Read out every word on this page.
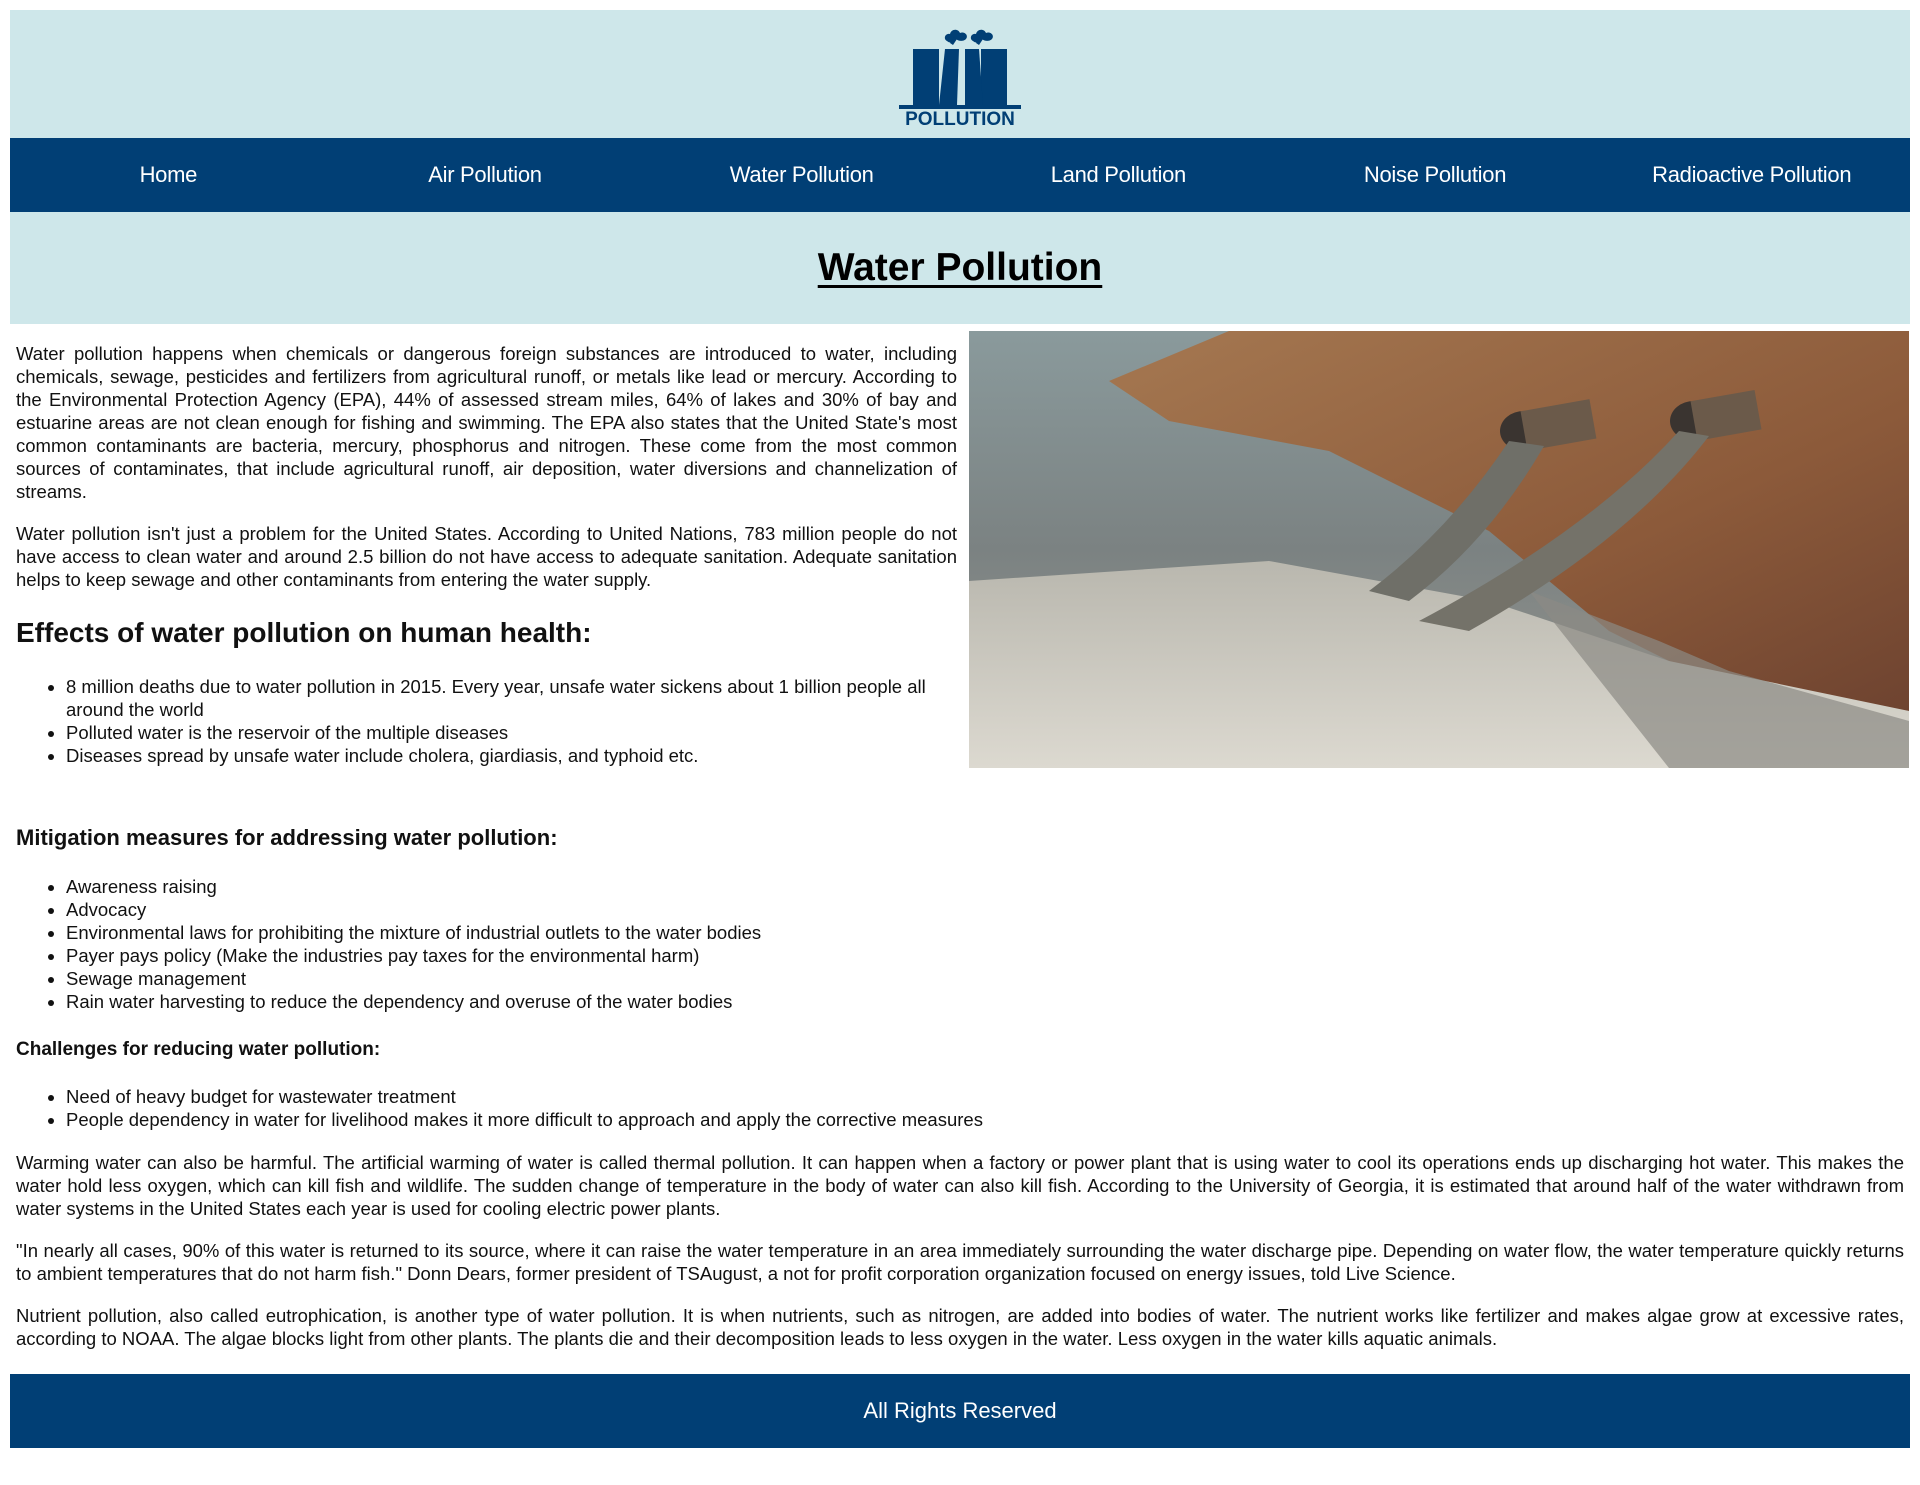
POLLUTION
Home	Air Pollution	Water Pollution	Land Pollution	Noise Pollution	Radioactive Pollution
Water Pollution

Water pollution happens when chemicals or dangerous foreign substances are introduced to water, including chemicals, sewage, pesticides and fertilizers from agricultural runoff, or metals like lead or mercury. According to the Environmental Protection Agency (EPA), 44% of assessed stream miles, 64% of lakes and 30% of bay and estuarine areas are not clean enough for fishing and swimming. The EPA also states that the United State's most common contaminants are bacteria, mercury, phosphorus and nitrogen. These come from the most common sources of contaminates, that include agricultural runoff, air deposition, water diversions and channelization of streams.

Water pollution isn't just a problem for the United States. According to United Nations, 783 million people do not have access to clean water and around 2.5 billion do not have access to adequate sanitation. Adequate sanitation helps to keep sewage and other contaminants from entering the water supply.

Effects of water pollution on human health:
• 8 million deaths due to water pollution in 2015. Every year, unsafe water sickens about 1 billion people all around the world
• Polluted water is the reservoir of the multiple diseases
• Diseases spread by unsafe water include cholera, giardiasis, and typhoid etc.
Mitigation measures for addressing water pollution:
• Awareness raising
• Advocacy
• Environmental laws for prohibiting the mixture of industrial outlets to the water bodies
• Payer pays policy (Make the industries pay taxes for the environmental harm)
• Sewage management
• Rain water harvesting to reduce the dependency and overuse of the water bodies
Challenges for reducing water pollution:
• Need of heavy budget for wastewater treatment
• People dependency in water for livelihood makes it more difficult to approach and apply the corrective measures

Warming water can also be harmful. The artificial warming of water is called thermal pollution. It can happen when a factory or power plant that is using water to cool its operations ends up discharging hot water. This makes the water hold less oxygen, which can kill fish and wildlife. The sudden change of temperature in the body of water can also kill fish. According to the University of Georgia, it is estimated that around half of the water withdrawn from water systems in the United States each year is used for cooling electric power plants.

"In nearly all cases, 90% of this water is returned to its source, where it can raise the water temperature in an area immediately surrounding the water discharge pipe. Depending on water flow, the water temperature quickly returns to ambient temperatures that do not harm fish." Donn Dears, former president of TSAugust, a not for profit corporation organization focused on energy issues, told Live Science.

Nutrient pollution, also called eutrophication, is another type of water pollution. It is when nutrients, such as nitrogen, are added into bodies of water. The nutrient works like fertilizer and makes algae grow at excessive rates, according to NOAA. The algae blocks light from other plants. The plants die and their decomposition leads to less oxygen in the water. Less oxygen in the water kills aquatic animals.

All Rights Reserved
